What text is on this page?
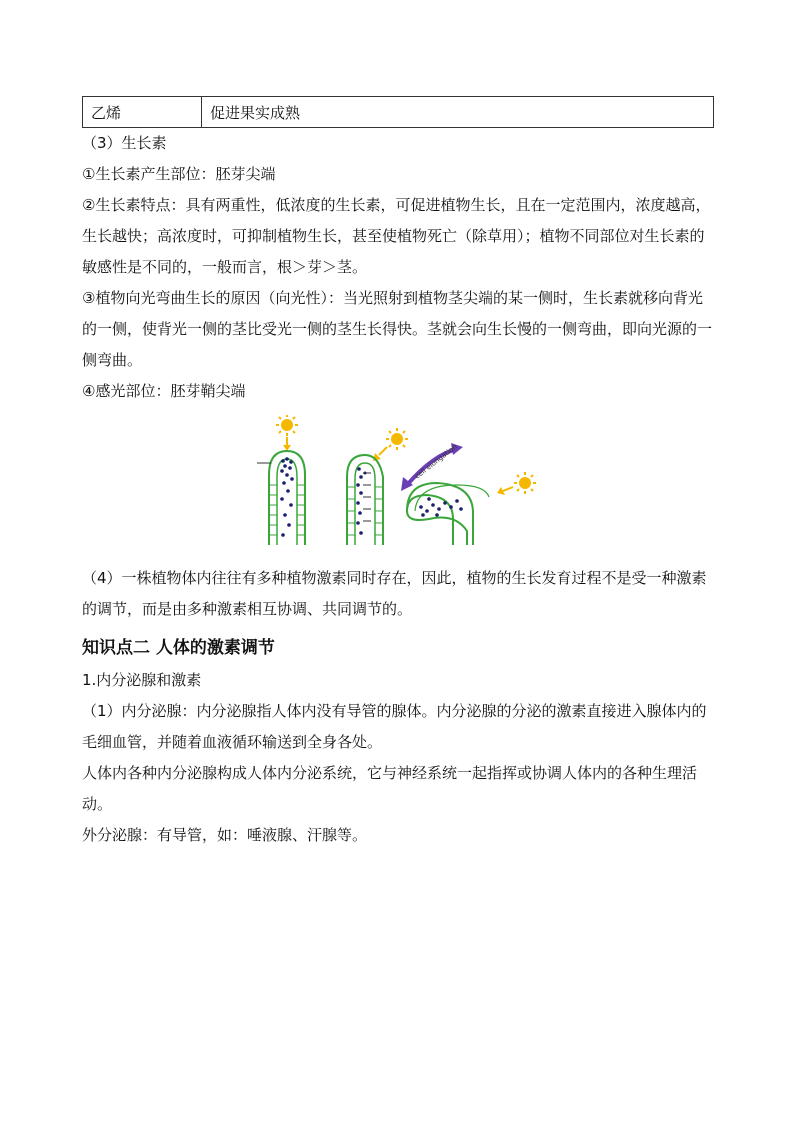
乙烯	促进果实成熟

（3）生长素

①生长素产生部位：胚芽尖端

②生长素特点：具有两重性，低浓度的生长素，可促进植物生长，且在一定范围内，浓度越高，生长越快；高浓度时，可抑制植物生长，甚至使植物死亡（除草用）；植物不同部位对生长素的敏感性是不同的，一般而言，根＞芽＞茎。

③植物向光弯曲生长的原因（向光性）：当光照射到植物茎尖端的某一侧时，生长素就移向背光的一侧，使背光一侧的茎比受光一侧的茎生长得快。茎就会向生长慢的一侧弯曲，即向光源的一侧弯曲。

④感光部位：胚芽鞘尖端

cell elongation

（4）一株植物体内往往有多种植物激素同时存在，因此，植物的生长发育过程不是受一种激素的调节，而是由多种激素相互协调、共同调节的。

知识点二 人体的激素调节

1.内分泌腺和激素

（1）内分泌腺：内分泌腺指人体内没有导管的腺体。内分泌腺的分泌的激素直接进入腺体内的毛细血管，并随着血液循环输送到全身各处。

人体内各种内分泌腺构成人体内分泌系统，它与神经系统一起指挥或协调人体内的各种生理活动。

外分泌腺：有导管，如：唾液腺、汗腺等。
